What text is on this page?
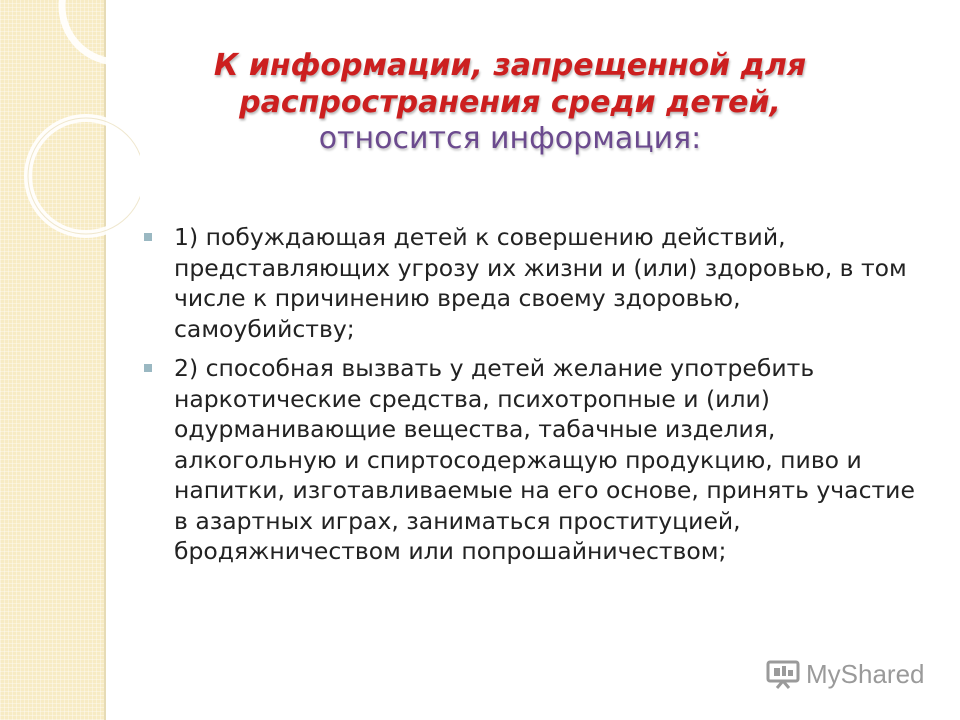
К информации, запрещенной для
распространения среди детей,
относится информация:
1) побуждающая детей к совершению действий, представляющих угрозу их жизни и (или) здоровью, в том числе к причинению вреда своему здоровью, самоубийству;
2) способная вызвать у детей желание употребить наркотические средства, психотропные и (или) одурманивающие вещества, табачные изделия, алкогольную и спиртосодержащую продукцию, пиво и напитки, изготавливаемые на его основе, принять участие в азартных играх, заниматься проституцией, бродяжничеством или попрошайничеством;
MyShared
